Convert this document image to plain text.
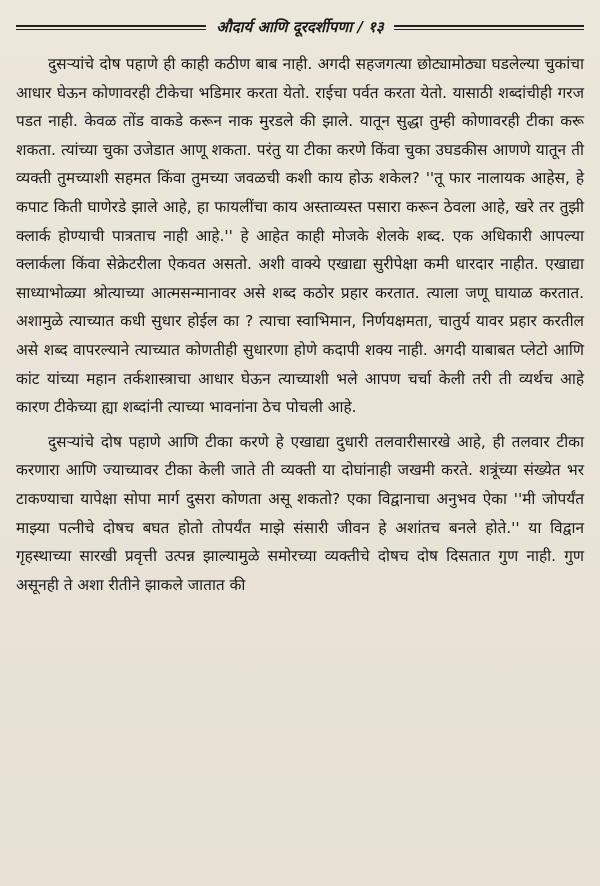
औदार्य आणि दूरदर्शीपणा / १३

दुसऱ्यांचे दोष पहाणे ही काही कठीण बाब नाही. अगदी सहजगत्या छोट्यामोठ्या घडलेल्या चुकांचा आधार घेऊन कोणावरही टीकेचा भडिमार करता येतो. राईचा पर्वत करता येतो. यासाठी शब्दांचीही गरज पडत नाही. केवळ तोंड वाकडे करून नाक मुरडले की झाले. यातून सुद्धा तुम्ही कोणावरही टीका करू शकता. त्यांच्या चुका उजेडात आणू शकता. परंतु या टीका करणे किंवा चुका उघडकीस आणणे यातून ती व्यक्ती तुमच्याशी सहमत किंवा तुमच्या जवळची कशी काय होऊ शकेल? ''तू फार नालायक आहेस, हे कपाट किती घाणेरडे झाले आहे, हा फायलींचा काय अस्ताव्यस्त पसारा करून ठेवला आहे, खरे तर तुझी क्लार्क होण्याची पात्रताच नाही आहे.'' हे आहेत काही मोजके शेलके शब्द. एक अधिकारी आपल्या क्लार्कला किंवा सेक्रेटरीला ऐकवत असतो. अशी वाक्ये एखाद्या सुरीपेक्षा कमी धारदार नाहीत. एखाद्या साध्याभोळ्या श्रोत्याच्या आत्मसन्मानावर असे शब्द कठोर प्रहार करतात. त्याला जणू घायाळ करतात. अशामुळे त्याच्यात कधी सुधार होईल का ? त्याचा स्वाभिमान, निर्णयक्षमता, चातुर्य यावर प्रहार करतील असे शब्द वापरल्याने त्याच्यात कोणतीही सुधारणा होणे कदापी शक्य नाही. अगदी याबाबत प्लेटो आणि कांट यांच्या महान तर्कशास्त्राचा आधार घेऊन त्याच्याशी भले आपण चर्चा केली तरी ती व्यर्थच आहे कारण टीकेच्या ह्या शब्दांनी त्याच्या भावनांना ठेच पोचली आहे.

दुसऱ्यांचे दोष पहाणे आणि टीका करणे हे एखाद्या दुधारी तलवारीसारखे आहे, ही तलवार टीका करणारा आणि ज्याच्यावर टीका केली जाते ती व्यक्ती या दोघांनाही जखमी करते. शत्रूंच्या संख्येत भर टाकण्याचा यापेक्षा सोपा मार्ग दुसरा कोणता असू शकतो? एका विद्वानाचा अनुभव ऐका ''मी जोपर्यंत माझ्या पत्नीचे दोषच बघत होतो तोपर्यंत माझे संसारी जीवन हे अशांतच बनले होते.'' या विद्वान गृहस्थाच्या सारखी प्रवृत्ती उत्पन्न झाल्यामुळे समोरच्या व्यक्तीचे दोषच दोष दिसतात गुण नाही. गुण असूनही ते अशा रीतीने झाकले जातात की
